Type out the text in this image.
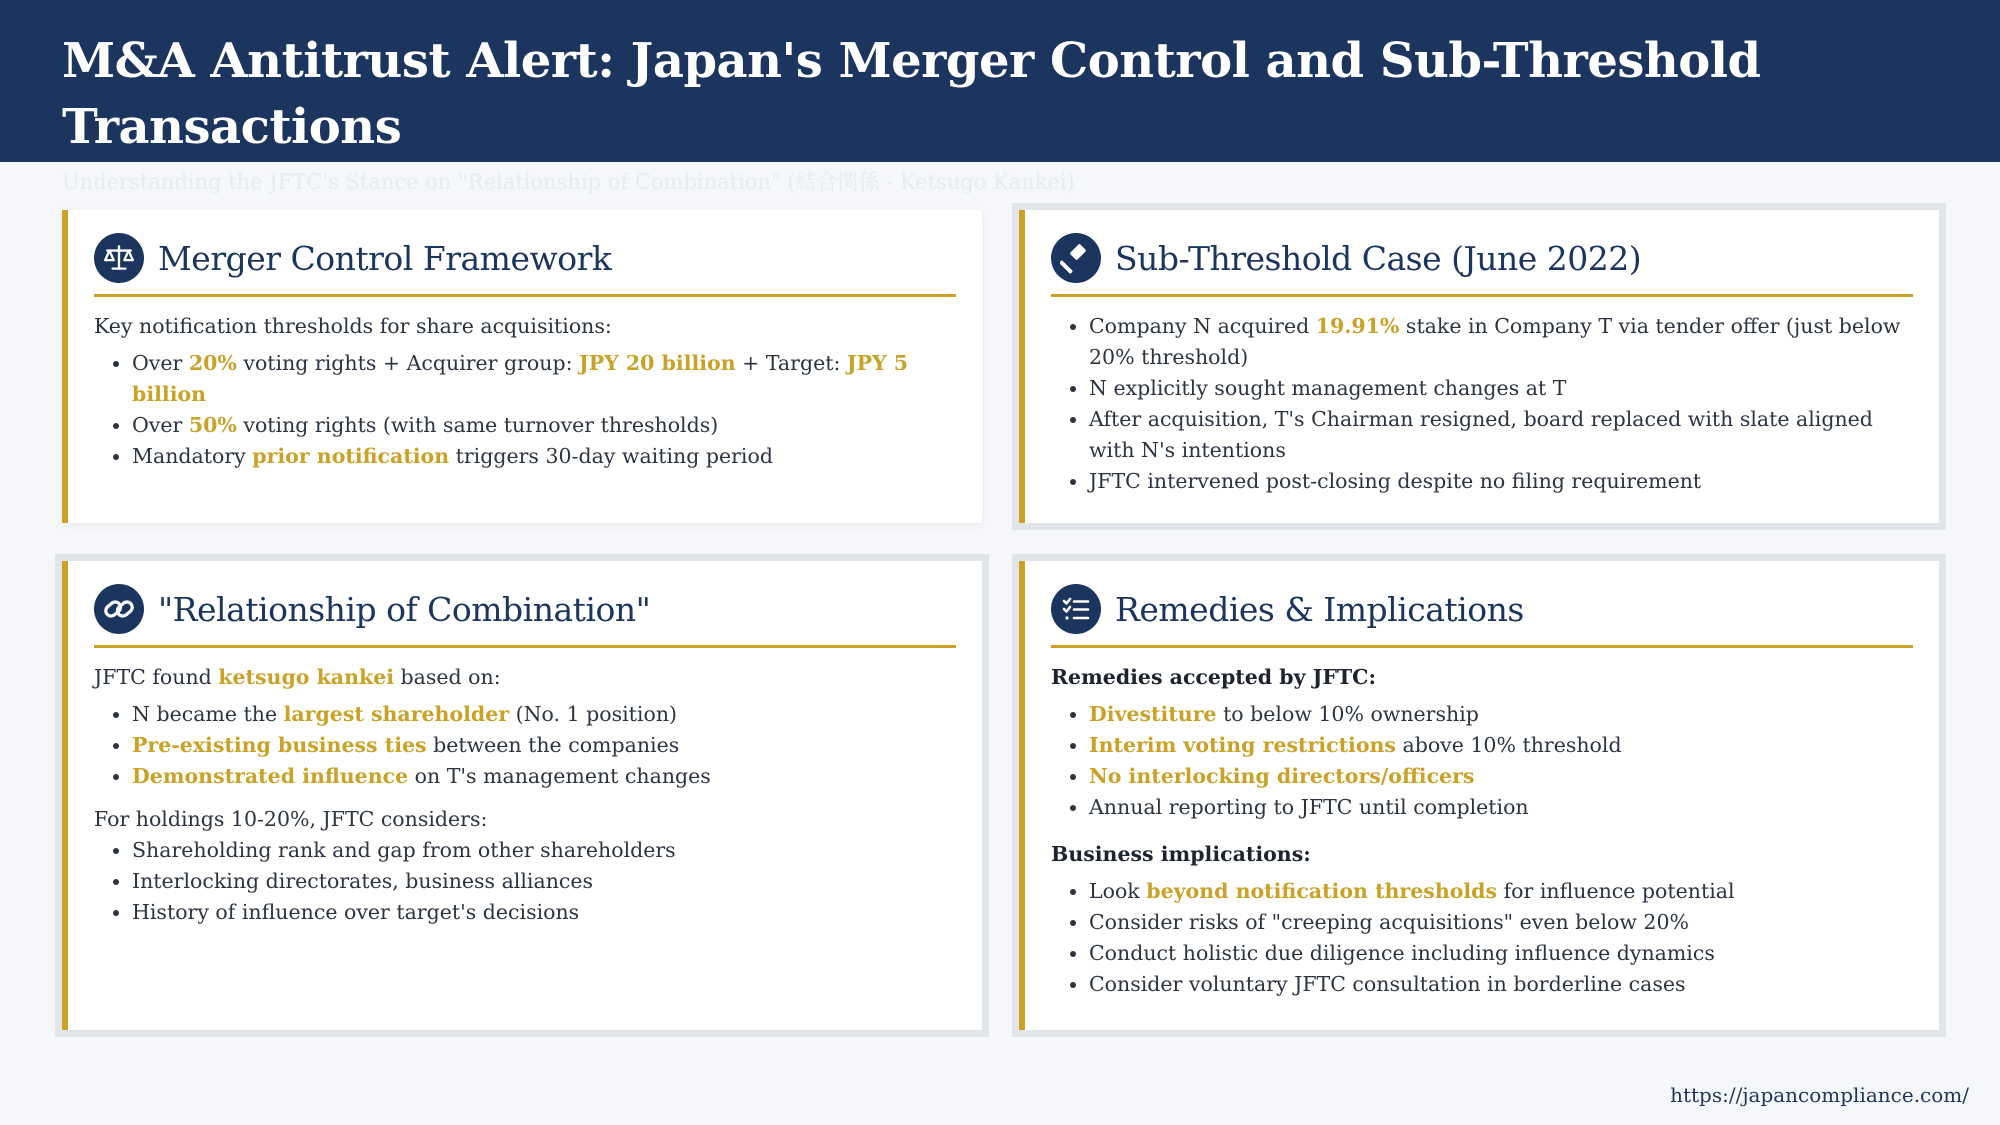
M&A Antitrust Alert: Japan's Merger Control and Sub-Threshold Transactions
Understanding the JFTC's Stance on "Relationship of Combination" (結合関係 - Ketsugo Kankei)
Merger Control Framework

Key notification thresholds for share acquisitions:

• Over 20% voting rights + Acquirer group: JPY 20 billion + Target: JPY 5 billion
• Over 50% voting rights (with same turnover thresholds)
• Mandatory prior notification triggers 30-day waiting period
Sub-Threshold Case (June 2022)
• Company N acquired 19.91% stake in Company T via tender offer (just below 20% threshold)
• N explicitly sought management changes at T
• After acquisition, T's Chairman resigned, board replaced with slate aligned with N's intentions
• JFTC intervened post-closing despite no filing requirement
"Relationship of Combination"

JFTC found ketsugo kankei based on:

• N became the largest shareholder (No. 1 position)
• Pre-existing business ties between the companies
• Demonstrated influence on T's management changes

For holdings 10-20%, JFTC considers:

• Shareholding rank and gap from other shareholders
• Interlocking directorates, business alliances
• History of influence over target's decisions
Remedies & Implications

Remedies accepted by JFTC:

• Divestiture to below 10% ownership
• Interim voting restrictions above 10% threshold
• No interlocking directors/officers
• Annual reporting to JFTC until completion

Business implications:

• Look beyond notification thresholds for influence potential
• Consider risks of "creeping acquisitions" even below 20%
• Conduct holistic due diligence including influence dynamics
• Consider voluntary JFTC consultation in borderline cases
https://japancompliance.com/
